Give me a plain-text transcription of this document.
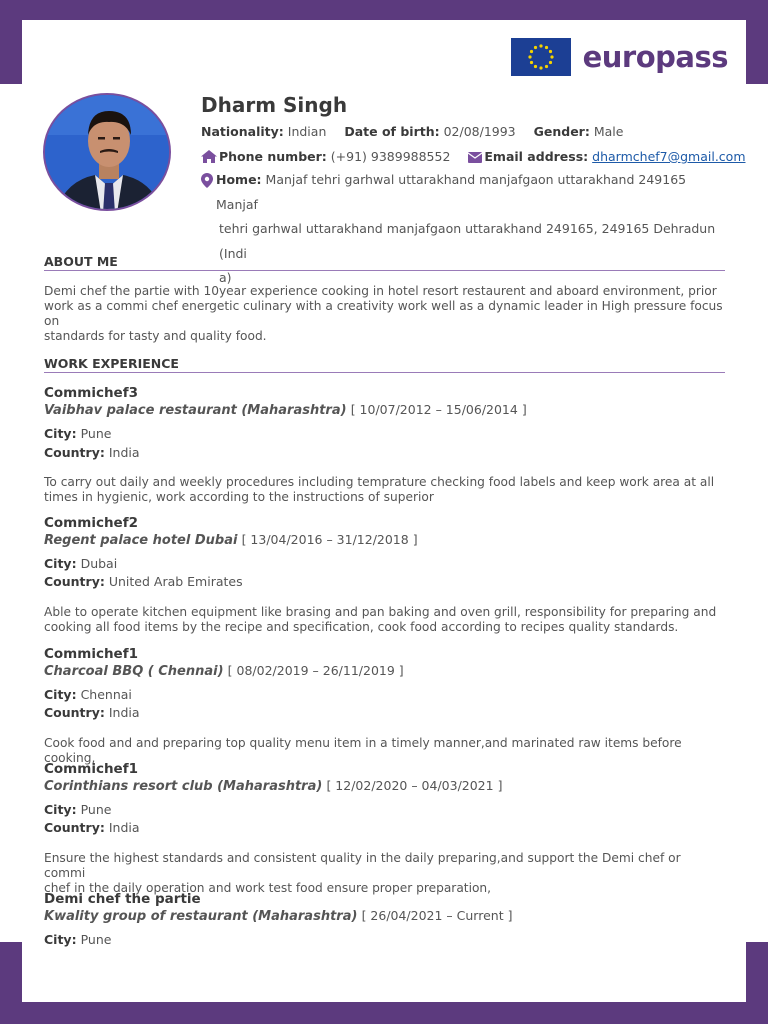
europass
Dharm Singh
Nationality: Indian Date of birth: 02/08/1993 Gender: Male
Phone number: (+91) 9389988552	Email address: dharmchef7@gmail.com
Home: Manjaf tehri garhwal uttarakhand manjafgaon uttarakhand 249165 Manjaf
tehri garhwal uttarakhand manjafgaon uttarakhand 249165, 249165 Dehradun (Indi
a)
ABOUT ME
Demi chef the partie with 10year experience cooking in hotel resort restaurent and aboard environment, prior
work as a commi chef energetic culinary with a creativity work well as a dynamic leader in High pressure focus on
standards for tasty and quality food.
WORK EXPERIENCE
Commichef3
Vaibhav palace restaurant (Maharashtra) [ 10/07/2012 – 15/06/2014 ]
City: Pune
Country: India
To carry out daily and weekly procedures including temprature checking food labels and keep work area at all
times in hygienic, work according to the instructions of superior
Commichef2
Regent palace hotel Dubai [ 13/04/2016 – 31/12/2018 ]
City: Dubai
Country: United Arab Emirates
Able to operate kitchen equipment like brasing and pan baking and oven grill, responsibility for preparing and
cooking all food items by the recipe and specification, cook food according to recipes quality standards.
Commichef1
Charcoal BBQ ( Chennai) [ 08/02/2019 – 26/11/2019 ]
City: Chennai
Country: India
Cook food and and preparing top quality menu item in a timely manner,and marinated raw items before cooking,
Commichef1
Corinthians resort club (Maharashtra) [ 12/02/2020 – 04/03/2021 ]
City: Pune
Country: India
Ensure the highest standards and consistent quality in the daily preparing,and support the Demi chef or commi
chef in the daily operation and work test food ensure proper preparation,
Demi chef the partie
Kwality group of restaurant (Maharashtra) [ 26/04/2021 – Current ]
City: Pune
